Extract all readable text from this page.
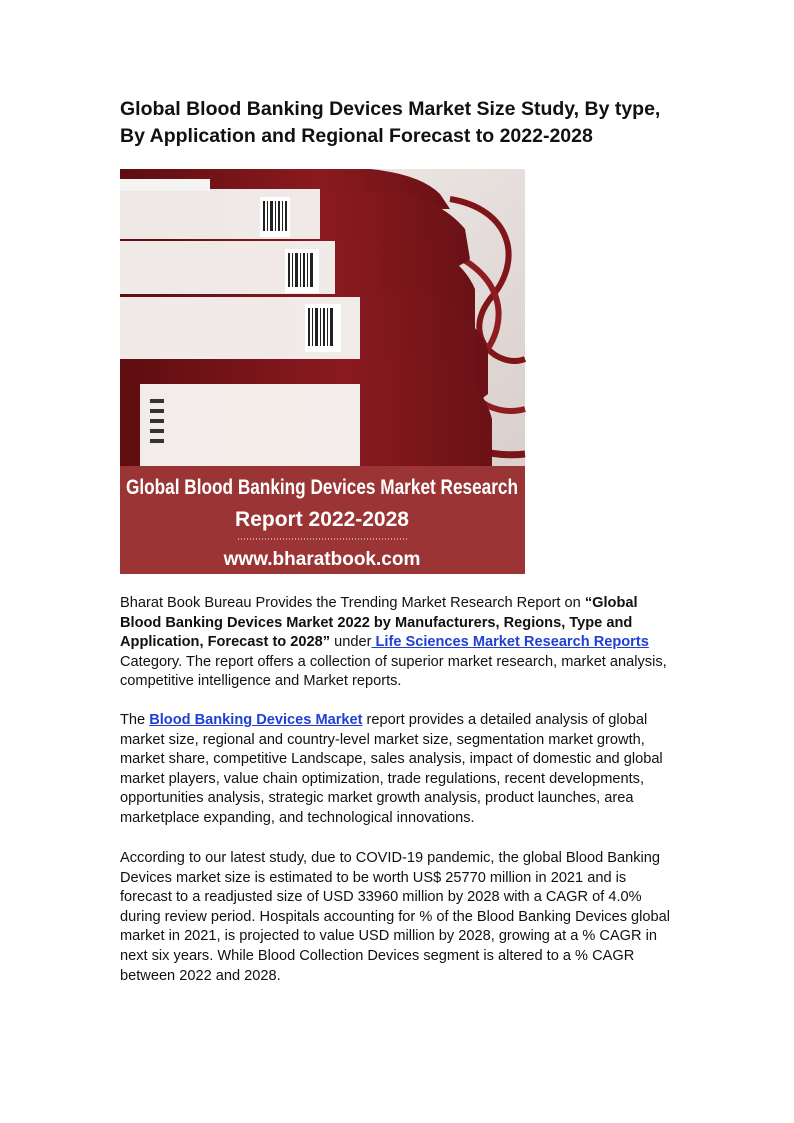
Global Blood Banking Devices Market Size Study, By type, By Application and Regional Forecast to 2022-2028
Global Blood Banking Devices Market Research
Report 2022-2028
www.bharatbook.com

Bharat Book Bureau Provides the Trending Market Research Report on “Global Blood Banking Devices Market 2022 by Manufacturers, Regions, Type and Application, Forecast to 2028” under Life Sciences Market Research Reports
Category. The report offers a collection of superior market research, market analysis, competitive intelligence and Market reports.

The Blood Banking Devices Market report provides a detailed analysis of global market size, regional and country-level market size, segmentation market growth, market share, competitive Landscape, sales analysis, impact of domestic and global market players, value chain optimization, trade regulations, recent developments, opportunities analysis, strategic market growth analysis, product launches, area marketplace expanding, and technological innovations.

According to our latest study, due to COVID-19 pandemic, the global Blood Banking Devices market size is estimated to be worth US$ 25770 million in 2021 and is forecast to a readjusted size of USD 33960 million by 2028 with a CAGR of 4.0% during review period. Hospitals accounting for % of the Blood Banking Devices global market in 2021, is projected to value USD million by 2028, growing at a % CAGR in next six years. While Blood Collection Devices segment is altered to a % CAGR between 2022 and 2028.
